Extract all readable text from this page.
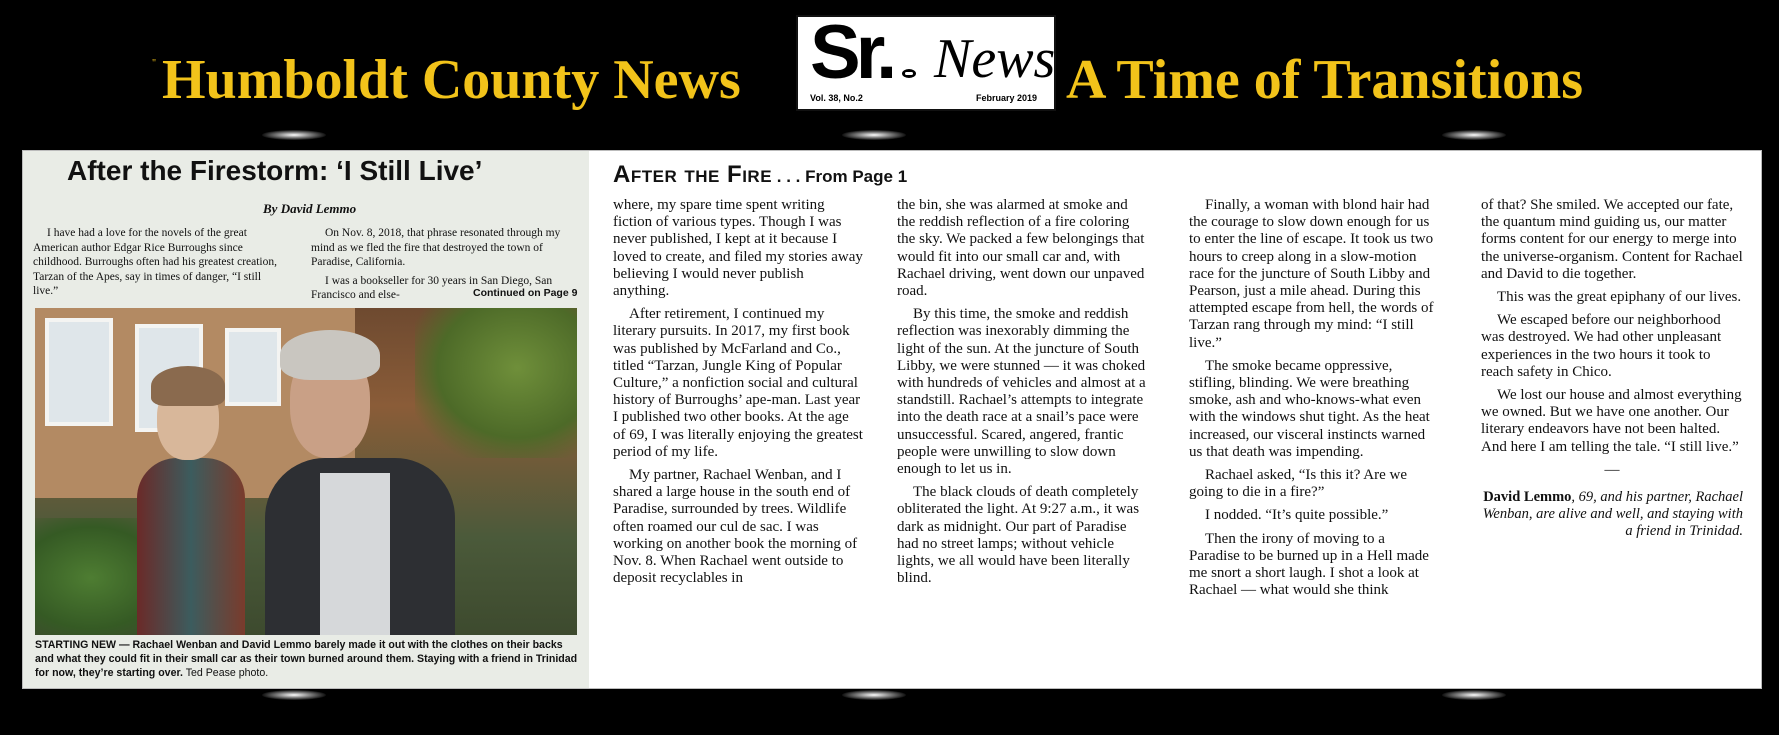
" Humboldt County News Sr. News
Vol. 38, No.2	February 2019 A Time of Transitions
After the Firestorm: ‘I Still Live’
By David Lemmo

I have had a love for the novels of the great American author Edgar Rice Burroughs since childhood. Burroughs often had his greatest creation, Tarzan of the Apes, say in times of danger, “I still live.”

On Nov. 8, 2018, that phrase resonated through my mind as we fled the fire that destroyed the town of Paradise, California.

I was a bookseller for 30 years in San Diego, San Francisco and else-	Continued on Page 9
STARTING NEW — Rachael Wenban and David Lemmo barely made it out with the clothes on their backs and what they could fit in their small car as their town burned around them. Staying with a friend in Trinidad for now, they’re starting over. Ted Pease photo.
After the Fire . . . From Page 1

where, my spare time spent writing fiction of various types. Though I was never published, I kept at it because I loved to create, and filed my stories away believing I would never publish anything.

After retirement, I continued my literary pursuits. In 2017, my first book was published by McFarland and Co., titled “Tarzan, Jungle King of Popular Culture,” a nonfiction social and cultural history of Burroughs’ ape-man. Last year I published two other books. At the age of 69, I was literally enjoying the greatest period of my life.

My partner, Rachael Wenban, and I shared a large house in the south end of Paradise, surrounded by trees. Wildlife often roamed our cul de sac. I was working on another book the morning of Nov. 8. When Rachael went outside to deposit recyclables in

the bin, she was alarmed at smoke and the reddish reflection of a fire coloring the sky. We packed a few belongings that would fit into our small car and, with Rachael driving, went down our unpaved road.

By this time, the smoke and reddish reflection was inexorably dimming the light of the sun. At the juncture of South Libby, we were stunned — it was choked with hundreds of vehicles and almost at a standstill. Rachael’s attempts to integrate into the death race at a snail’s pace were unsuccessful. Scared, angered, frantic people were unwilling to slow down enough to let us in.

The black clouds of death completely obliterated the light. At 9:27 a.m., it was dark as midnight. Our part of Paradise had no street lamps; without vehicle lights, we all would have been literally blind.

Finally, a woman with blond hair had the courage to slow down enough for us to enter the line of escape. It took us two hours to creep along in a slow-motion race for the juncture of South Libby and Pearson, just a mile ahead. During this attempted escape from hell, the words of Tarzan rang through my mind: “I still live.”

The smoke became oppressive, stifling, blinding. We were breathing smoke, ash and who-knows-what even with the windows shut tight. As the heat increased, our visceral instincts warned us that death was impending.

Rachael asked, “Is this it? Are we going to die in a fire?”

I nodded. “It’s quite possible.”

Then the irony of moving to a Paradise to be burned up in a Hell made me snort a short laugh. I shot a look at Rachael — what would she think

of that? She smiled. We accepted our fate, the quantum mind guiding us, our matter forms content for our energy to merge into the universe-organism. Content for Rachael and David to die together.

This was the great epiphany of our lives.

We escaped before our neighborhood was destroyed. We had other unpleasant experiences in the two hours it took to reach safety in Chico.

We lost our house and almost everything we owned. But we have one another. Our literary endeavors have not been halted. And here I am telling the tale. “I still live.”

—
David Lemmo, 69, and his partner, Rachael Wenban, are alive and well, and staying with a friend in Trinidad.
